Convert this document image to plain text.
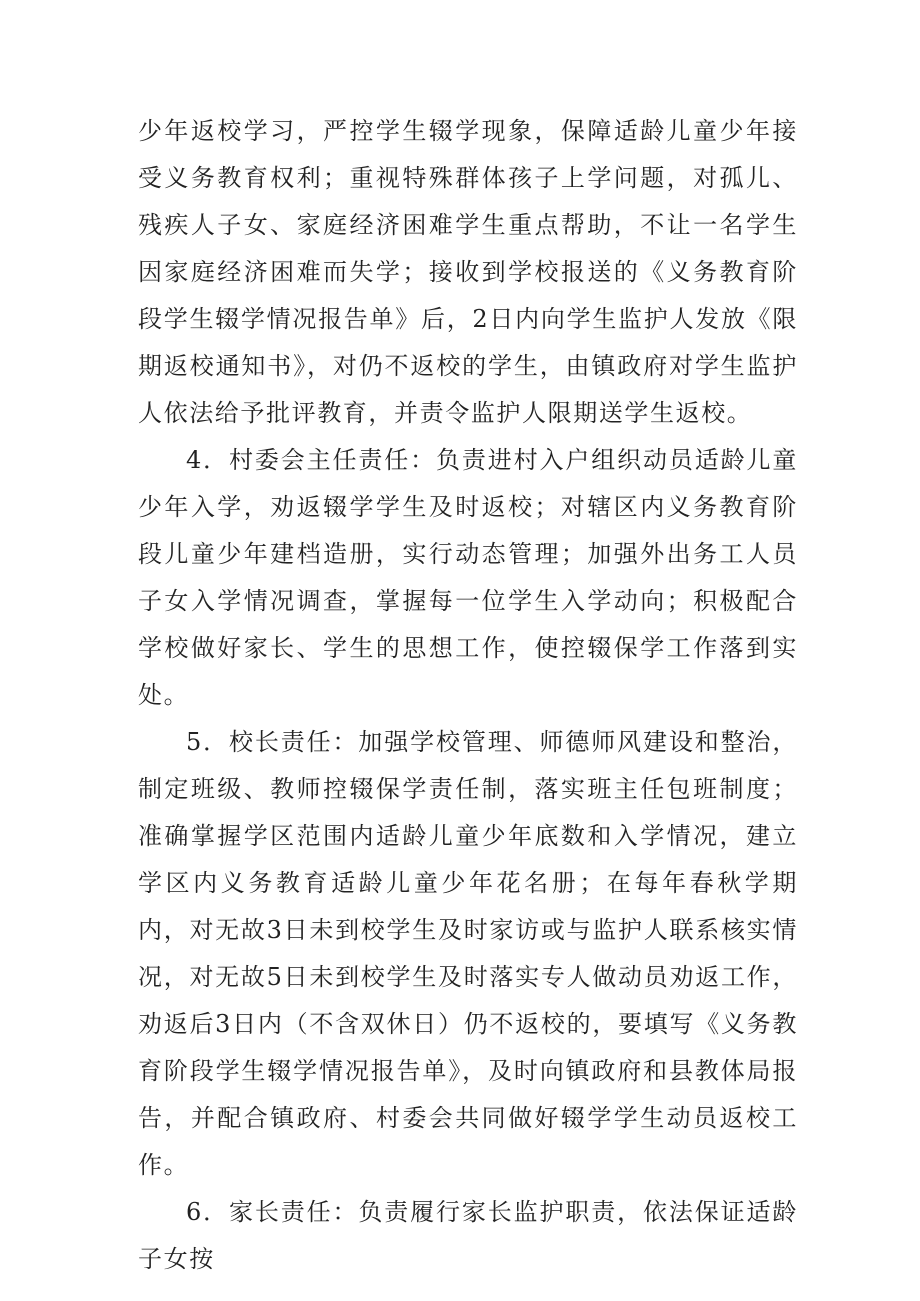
少年返校学习，严控学生辍学现象，保障适龄儿童少年接受义务教育权利；重视特殊群体孩子上学问题，对孤儿、残疾人子女、家庭经济困难学生重点帮助，不让一名学生因家庭经济困难而失学；接收到学校报送的《义务教育阶段学生辍学情况报告单》后，2日内向学生监护人发放《限期返校通知书》，对仍不返校的学生，由镇政府对学生监护人依法给予批评教育，并责令监护人限期送学生返校。

4．村委会主任责任：负责进村入户组织动员适龄儿童少年入学，劝返辍学学生及时返校；对辖区内义务教育阶段儿童少年建档造册，实行动态管理；加强外出务工人员子女入学情况调查，掌握每一位学生入学动向；积极配合学校做好家长、学生的思想工作，使控辍保学工作落到实处。

5．校长责任：加强学校管理、师德师风建设和整治，制定班级、教师控辍保学责任制，落实班主任包班制度；准确掌握学区范围内适龄儿童少年底数和入学情况，建立学区内义务教育适龄儿童少年花名册；在每年春秋学期内，对无故3日未到校学生及时家访或与监护人联系核实情况，对无故5日未到校学生及时落实专人做动员劝返工作，劝返后3日内（不含双休日）仍不返校的，要填写《义务教育阶段学生辍学情况报告单》，及时向镇政府和县教体局报告，并配合镇政府、村委会共同做好辍学学生动员返校工作。

6．家长责任：负责履行家长监护职责，依法保证适龄子女按
